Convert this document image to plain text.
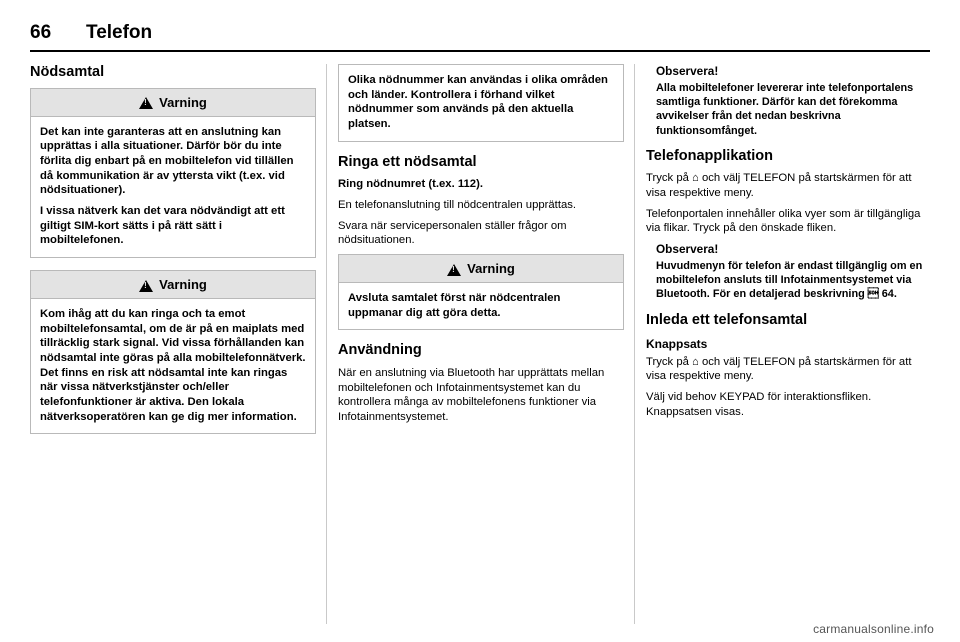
66	Telefon
Nödsamtal
!
Varning

Det kan inte garanteras att en anslutning kan upprättas i alla situationer. Därför bör du inte förlita dig enbart på en mobiltelefon vid tillällen då kommunikation är av yttersta vikt (t.ex. vid nödsituationer).

I vissa nätverk kan det vara nödvändigt att ett giltigt SIM-kort sätts i på rätt sätt i mobiltelefonen.

!
Varning

Kom ihåg att du kan ringa och ta emot mobiltelefonsamtal, om de är på en maiplats med tillräcklig stark signal. Vid vissa förhållanden kan nödsamtal inte göras på alla mobiltelefonnätverk. Det finns en risk att nödsamtal inte kan ringas när vissa nätverkstjänster och/eller telefonfunktioner är aktiva. Den lokala nätverksoperatören kan ge dig mer information.

Olika nödnummer kan användas i olika områden och länder. Kontrollera i förhand vilket nödnummer som används på den aktuella platsen.

Ringa ett nödsamtal

Ring nödnumret (t.ex. 112).

En telefonanslutning till nödcentralen upprättas.

Svara när servicepersonalen ställer frågor om nödsituationen.

!
Varning

Avsluta samtalet först när nödcentralen uppmanar dig att göra detta.

Användning

När en anslutning via Bluetooth har upprättats mellan mobiltelefonen och Infotainmentsystemet kan du kontrollera många av mobiltelefonens funktioner via Infotainmentsystemet.

Observera!

Alla mobiltelefoner levererar inte telefonportalens samtliga funktioner. Därför kan det förekomma avvikelser från det nedan beskrivna funktionsomfånget.

Telefonapplikation

Tryck på ⌂ och välj TELEFON på startskärmen för att visa respektive meny.

Telefonportalen innehåller olika vyer som är tillgängliga via flikar. Tryck på den önskade fliken.

Observera!

Huvudmenyn för telefon är endast tillgänglig om en mobiltelefon ansluts till Infotainmentsystemet via Bluetooth. För en detaljerad beskrivning  64.

Inleda ett telefonsamtal
Knappsats

Tryck på ⌂ och välj TELEFON på startskärmen för att visa respektive meny.

Välj vid behov KEYPAD för interaktionsfliken. Knappsatsen visas.

carmanualsonline.info
